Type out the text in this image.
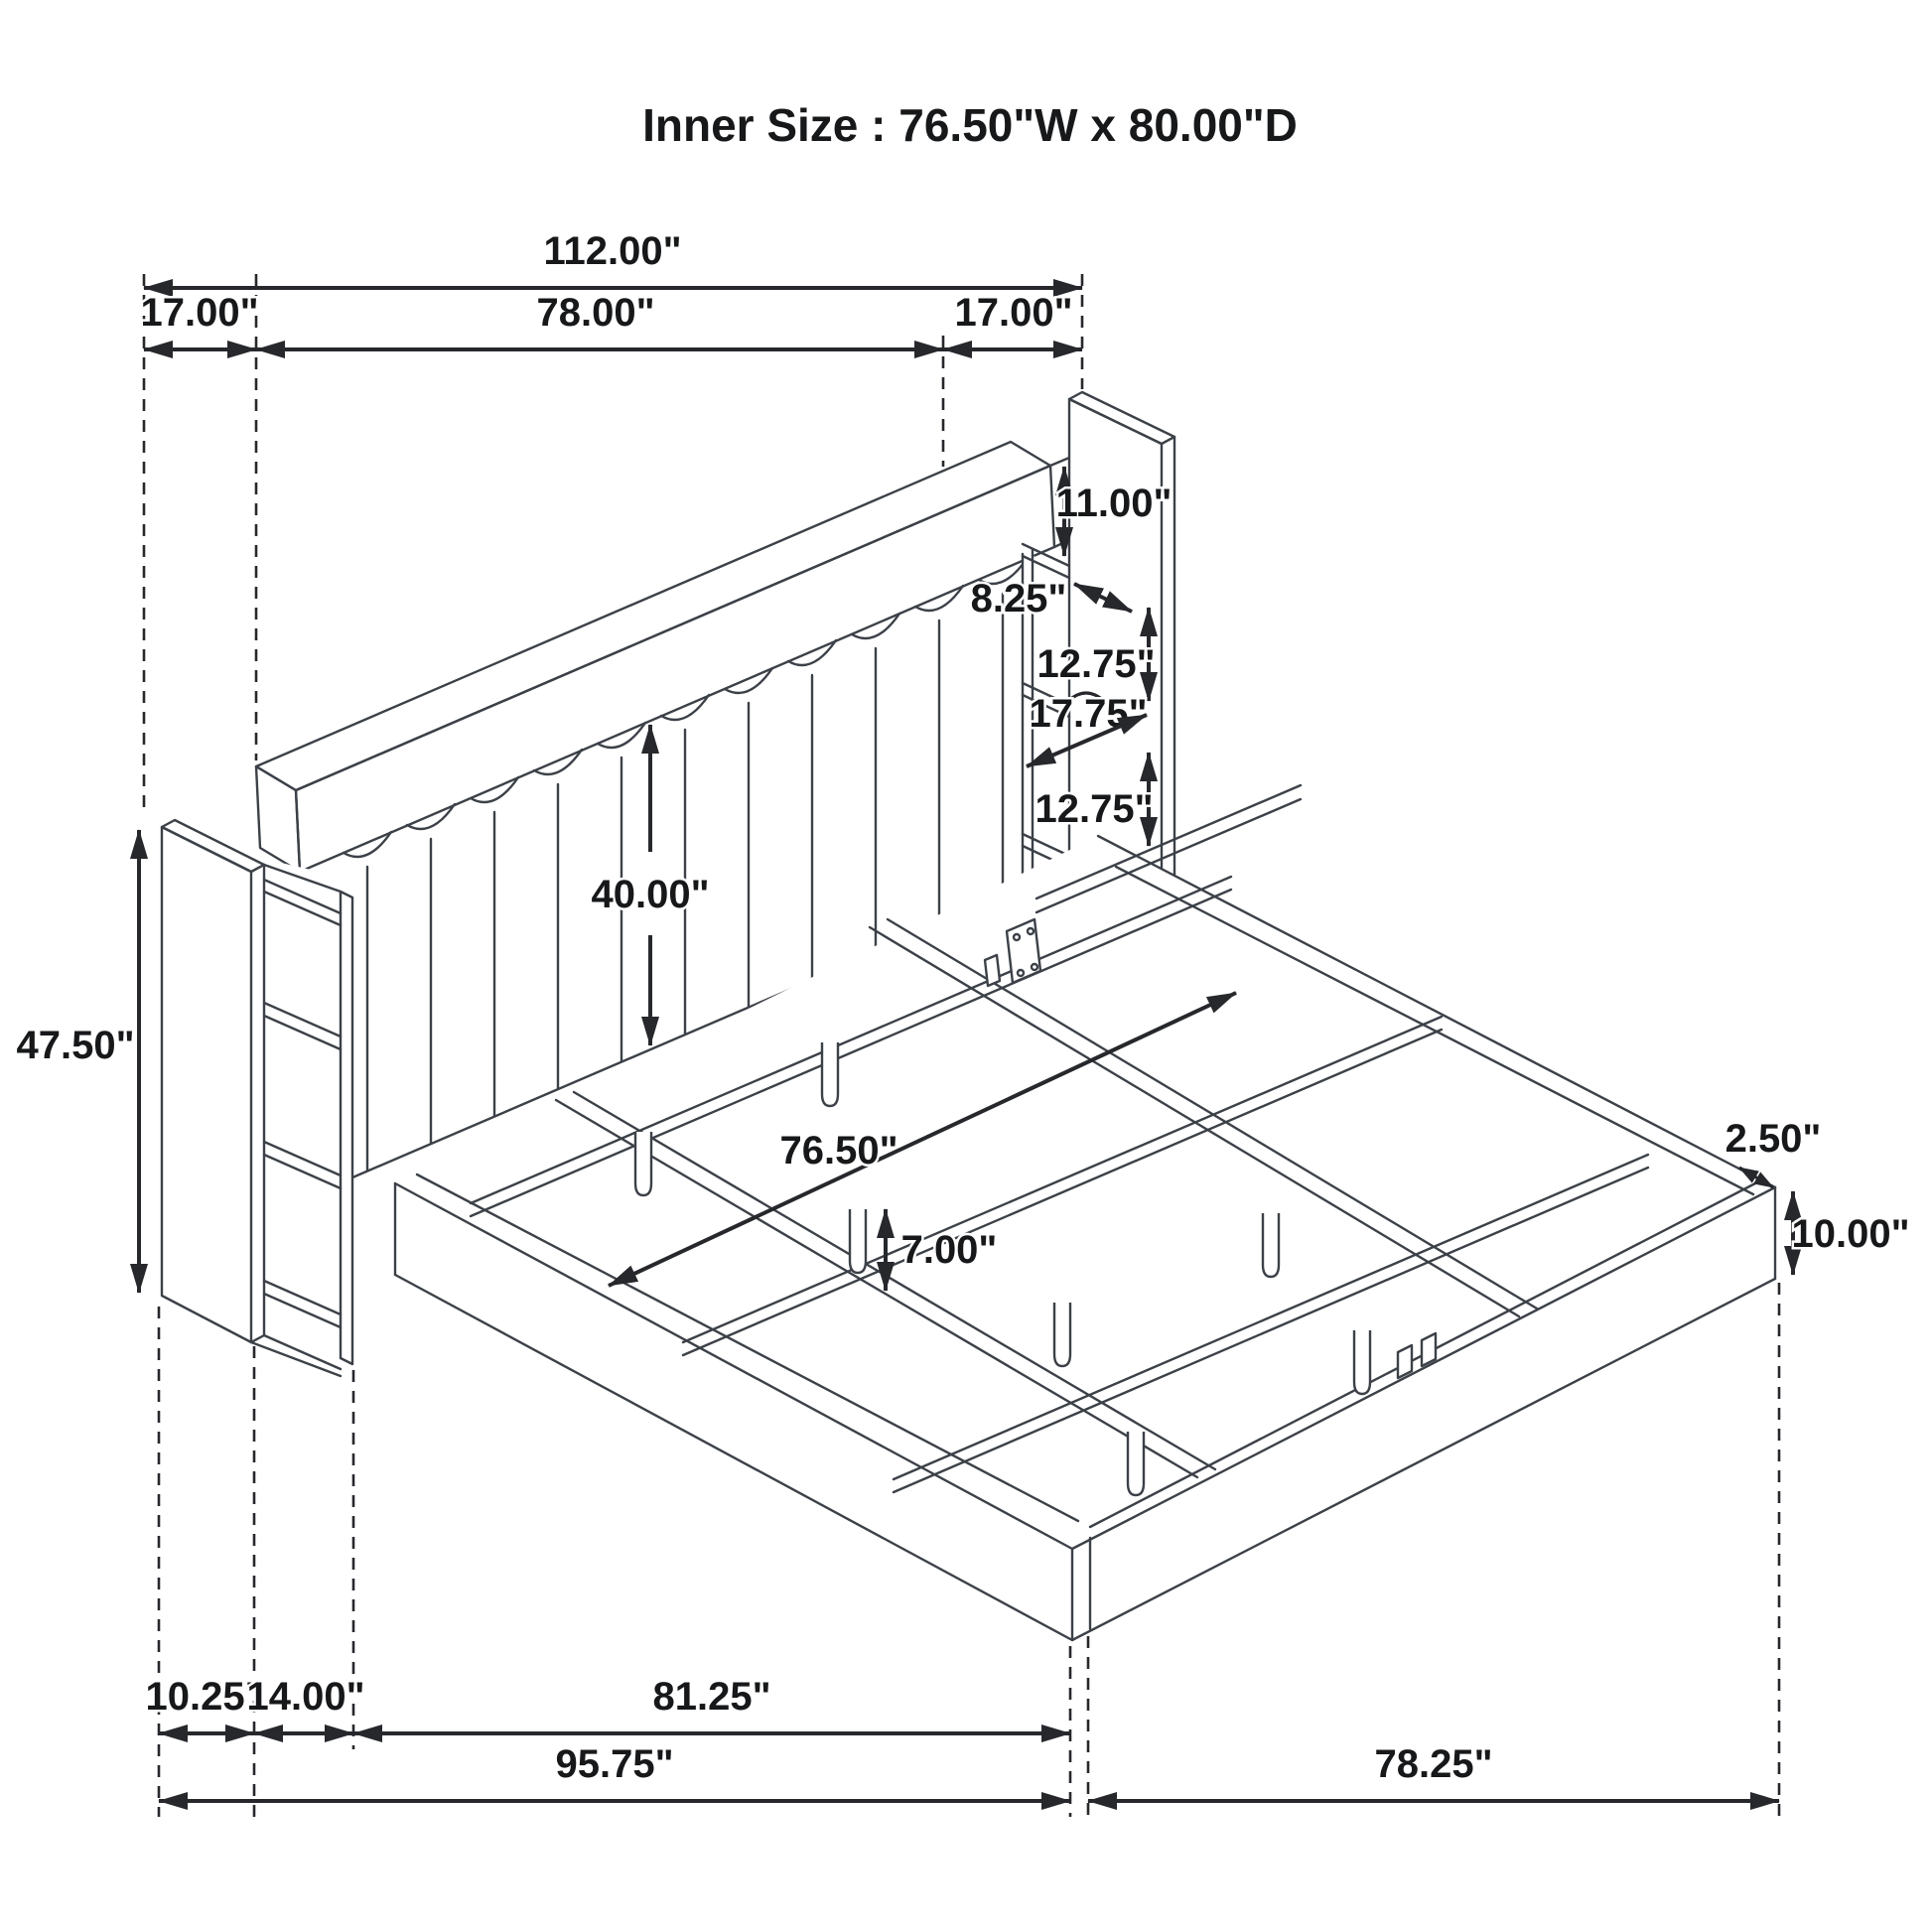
Inner Size : 76.50"W x 80.00"D
112.00"
17.00"	78.00"	17.00"
47.50"
40.00"
11.00"
8.25"
12.75"
17.75"
12.75"
76.50"
7.00"
2.50"
10.00"
10.25"
14.00"	81.25"
95.75"	78.25"
